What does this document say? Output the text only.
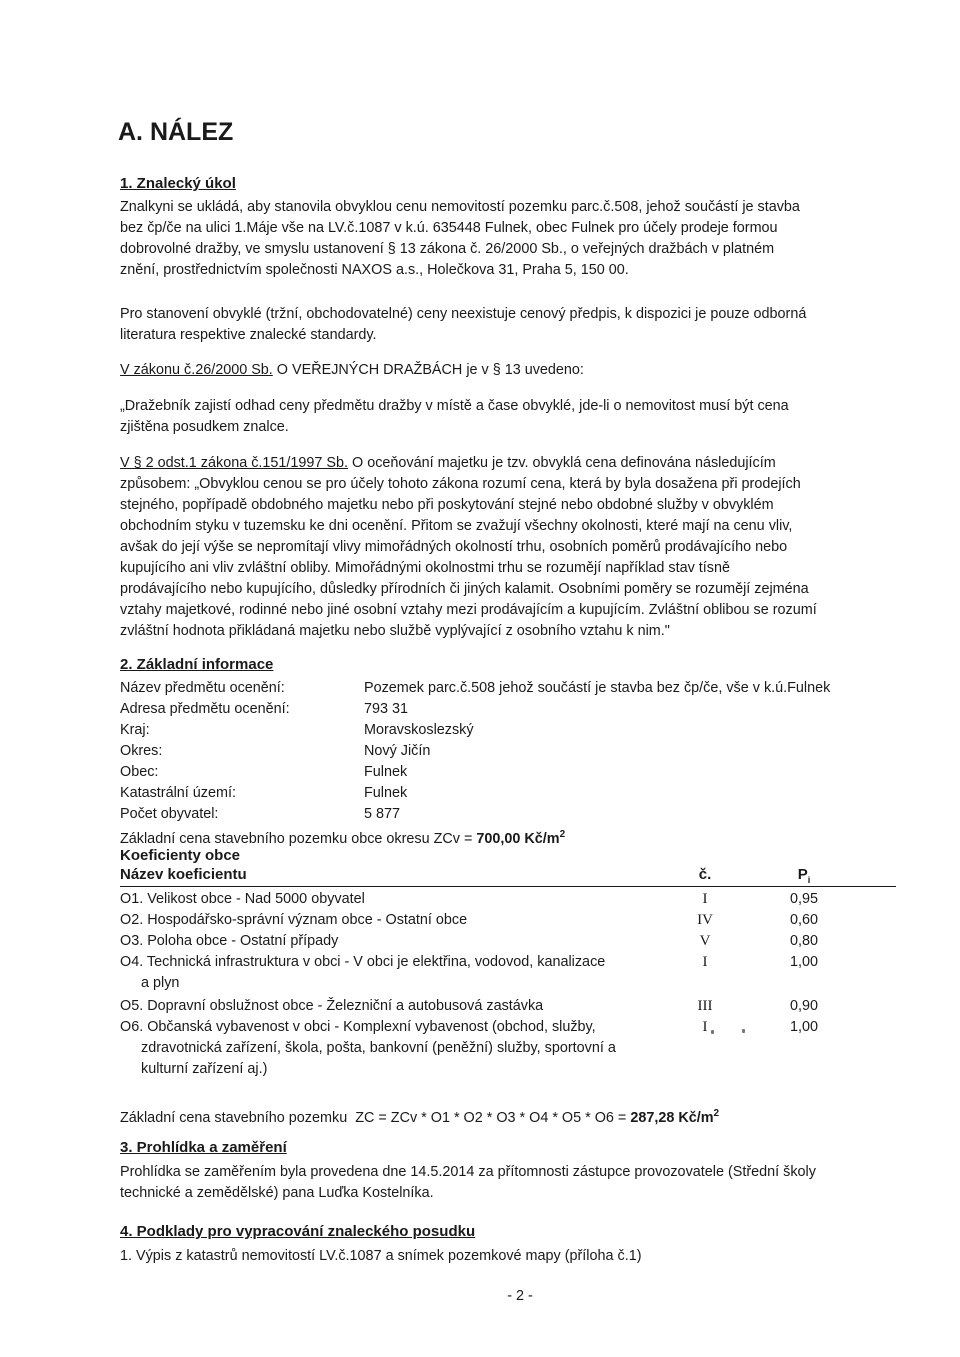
A. NÁLEZ
1. Znalecký úkol
Znalkyni se ukládá, aby stanovila obvyklou cenu nemovitostí pozemku parc.č.508, jehož součástí je stavba
bez čp/če na ulici 1.Máje vše na LV.č.1087 v k.ú. 635448 Fulnek, obec Fulnek pro účely prodeje formou
dobrovolné dražby, ve smyslu ustanovení § 13 zákona č. 26/2000 Sb., o veřejných dražbách v platném
znění, prostřednictvím společnosti NAXOS a.s., Holečkova 31, Praha 5, 150 00.
Pro stanovení obvyklé (tržní, obchodovatelné) ceny neexistuje cenový předpis, k dispozici je pouze odborná
literatura respektive znalecké standardy.
V zákonu č.26/2000 Sb. O VEŘEJNÝCH DRAŽBÁCH je v § 13 uvedeno:
„Dražebník zajistí odhad ceny předmětu dražby v místě a čase obvyklé, jde-li o nemovitost musí být cena
zjištěna posudkem znalce.
V § 2 odst.1 zákona č.151/1997 Sb. O oceňování majetku je tzv. obvyklá cena definována následujícím
způsobem: „Obvyklou cenou se pro účely tohoto zákona rozumí cena, která by byla dosažena při prodejích
stejného, popřípadě obdobného majetku nebo při poskytování stejné nebo obdobné služby v obvyklém
obchodním styku v tuzemsku ke dni ocenění. Přitom se zvažují všechny okolnosti, které mají na cenu vliv,
avšak do její výše se nepromítají vlivy mimořádných okolností trhu, osobních poměrů prodávajícího nebo
kupujícího ani vliv zvláštní obliby. Mimořádnými okolnostmi trhu se rozumějí například stav tísně
prodávajícího nebo kupujícího, důsledky přírodních či jiných kalamit. Osobními poměry se rozumějí zejména
vztahy majetkové, rodinné nebo jiné osobní vztahy mezi prodávajícím a kupujícím. Zvláštní oblibou se rozumí
zvláštní hodnota přikládaná majetku nebo službě vyplývající z osobního vztahu k nim."
2. Základní informace
Název předmětu ocenění:	Pozemek parc.č.508 jehož součástí je stavba bez čp/če, vše v k.ú.Fulnek
Adresa předmětu ocenění:	793 31
Kraj:	Moravskoslezský
Okres:	Nový Jičín
Obec:	Fulnek
Katastrální území:	Fulnek
Počet obyvatel:	5 877
Základní cena stavebního pozemku obce okresu ZCv = 700,00 $Kč/m^2$
Koeficienty obce
Název koeficientu	č.	$P_i$
O1. Velikost obce - Nad 5000 obyvatel	I	0,95
O2. Hospodářsko-správní význam obce - Ostatní obce	IV	0,60
O3. Poloha obce - Ostatní případy	V	0,80
O4. Technická infrastruktura v obci - V obci je elektřina, vodovod, kanalizace
a plyn
I	1,00
O5. Dopravní obslužnost obce - Železniční a autobusová zastávka	III	0,90
O6. Občanská vybavenost v obci - Komplexní vybavenost (obchod, služby,
zdravotnická zařízení, škola, pošta, bankovní (peněžní) služby, sportovní a
kulturní zařízení aj.)
I	1,00
Základní cena stavebního pozemku ZC = ZCv * O1 * O2 * O3 * O4 * O5 * O6 = 287,28 $Kč/m^2$
3. Prohlídka a zaměření
Prohlídka se zaměřením byla provedena dne 14.5.2014 za přítomnosti zástupce provozovatele (Střední školy
technické a zemědělské) pana Luďka Kostelníka.
4. Podklady pro vypracování znaleckého posudku
1. Výpis z katastrů nemovitostí LV.č.1087 a snímek pozemkové mapy (příloha č.1)
- 2 -
